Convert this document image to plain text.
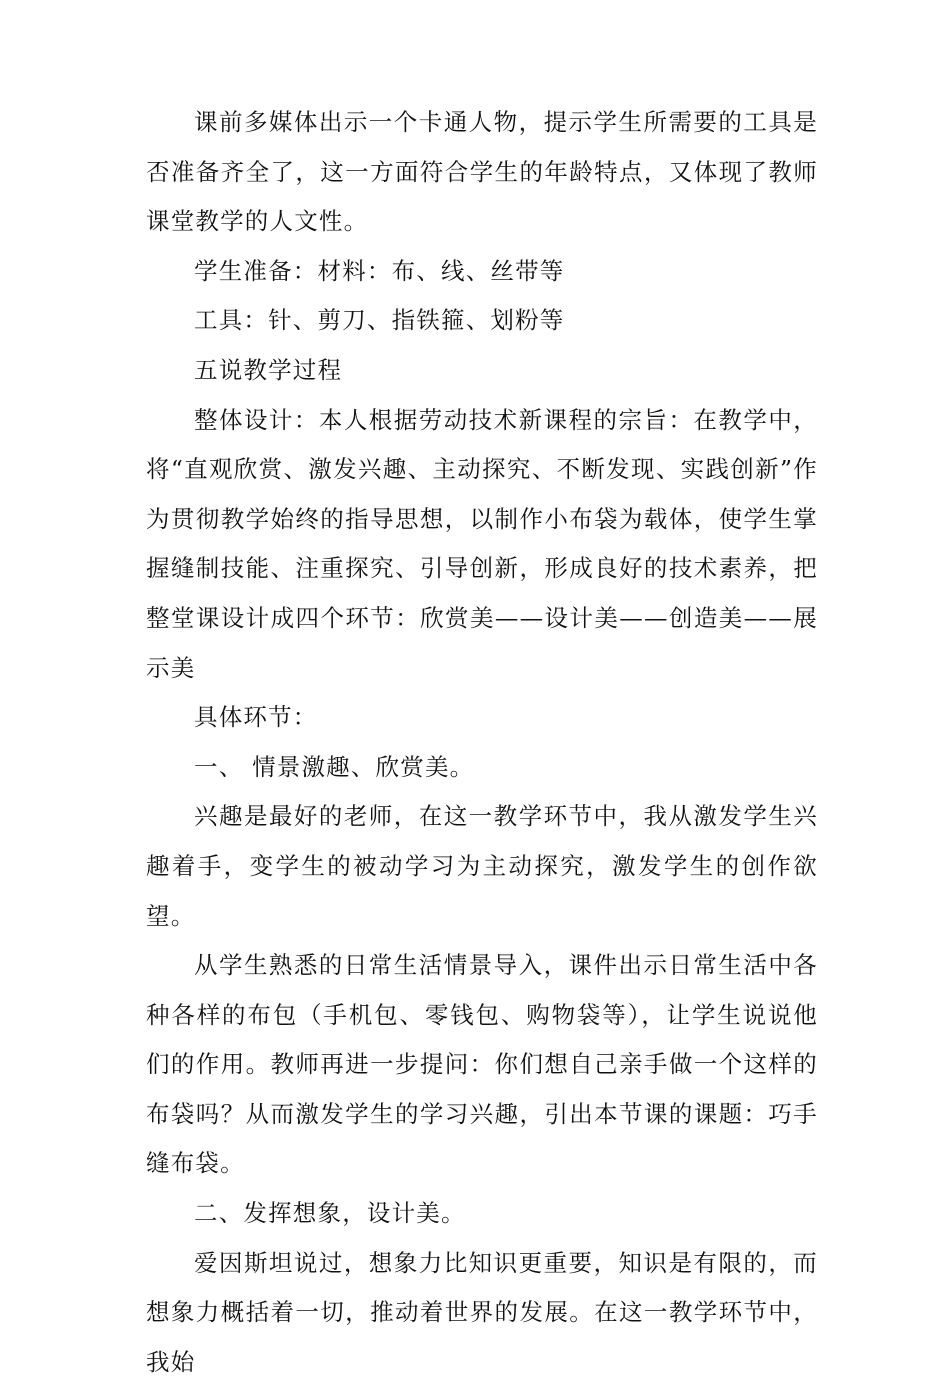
课前多媒体出示一个卡通人物，提示学生所需要的工具是否准备齐全了，这一方面符合学生的年龄特点，又体现了教师课堂教学的人文性。

学生准备：材料：布、线、丝带等

工具：针、剪刀、指铁箍、划粉等

五说教学过程

整体设计：本人根据劳动技术新课程的宗旨：在教学中，将“直观欣赏、激发兴趣、主动探究、不断发现、实践创新”作为贯彻教学始终的指导思想，以制作小布袋为载体，使学生掌握缝制技能、注重探究、引导创新，形成良好的技术素养，把整堂课设计成四个环节：欣赏美——设计美——创造美——展示美

具体环节：

一、 情景激趣、欣赏美。

兴趣是最好的老师，在这一教学环节中，我从激发学生兴趣着手，变学生的被动学习为主动探究，激发学生的创作欲望。

从学生熟悉的日常生活情景导入，课件出示日常生活中各种各样的布包（手机包、零钱包、购物袋等），让学生说说他们的作用。教师再进一步提问：你们想自己亲手做一个这样的布袋吗？从而激发学生的学习兴趣，引出本节课的课题：巧手缝布袋。

二、发挥想象，设计美。

爱因斯坦说过，想象力比知识更重要，知识是有限的，而想象力概括着一切，推动着世界的发展。在这一教学环节中，我始
